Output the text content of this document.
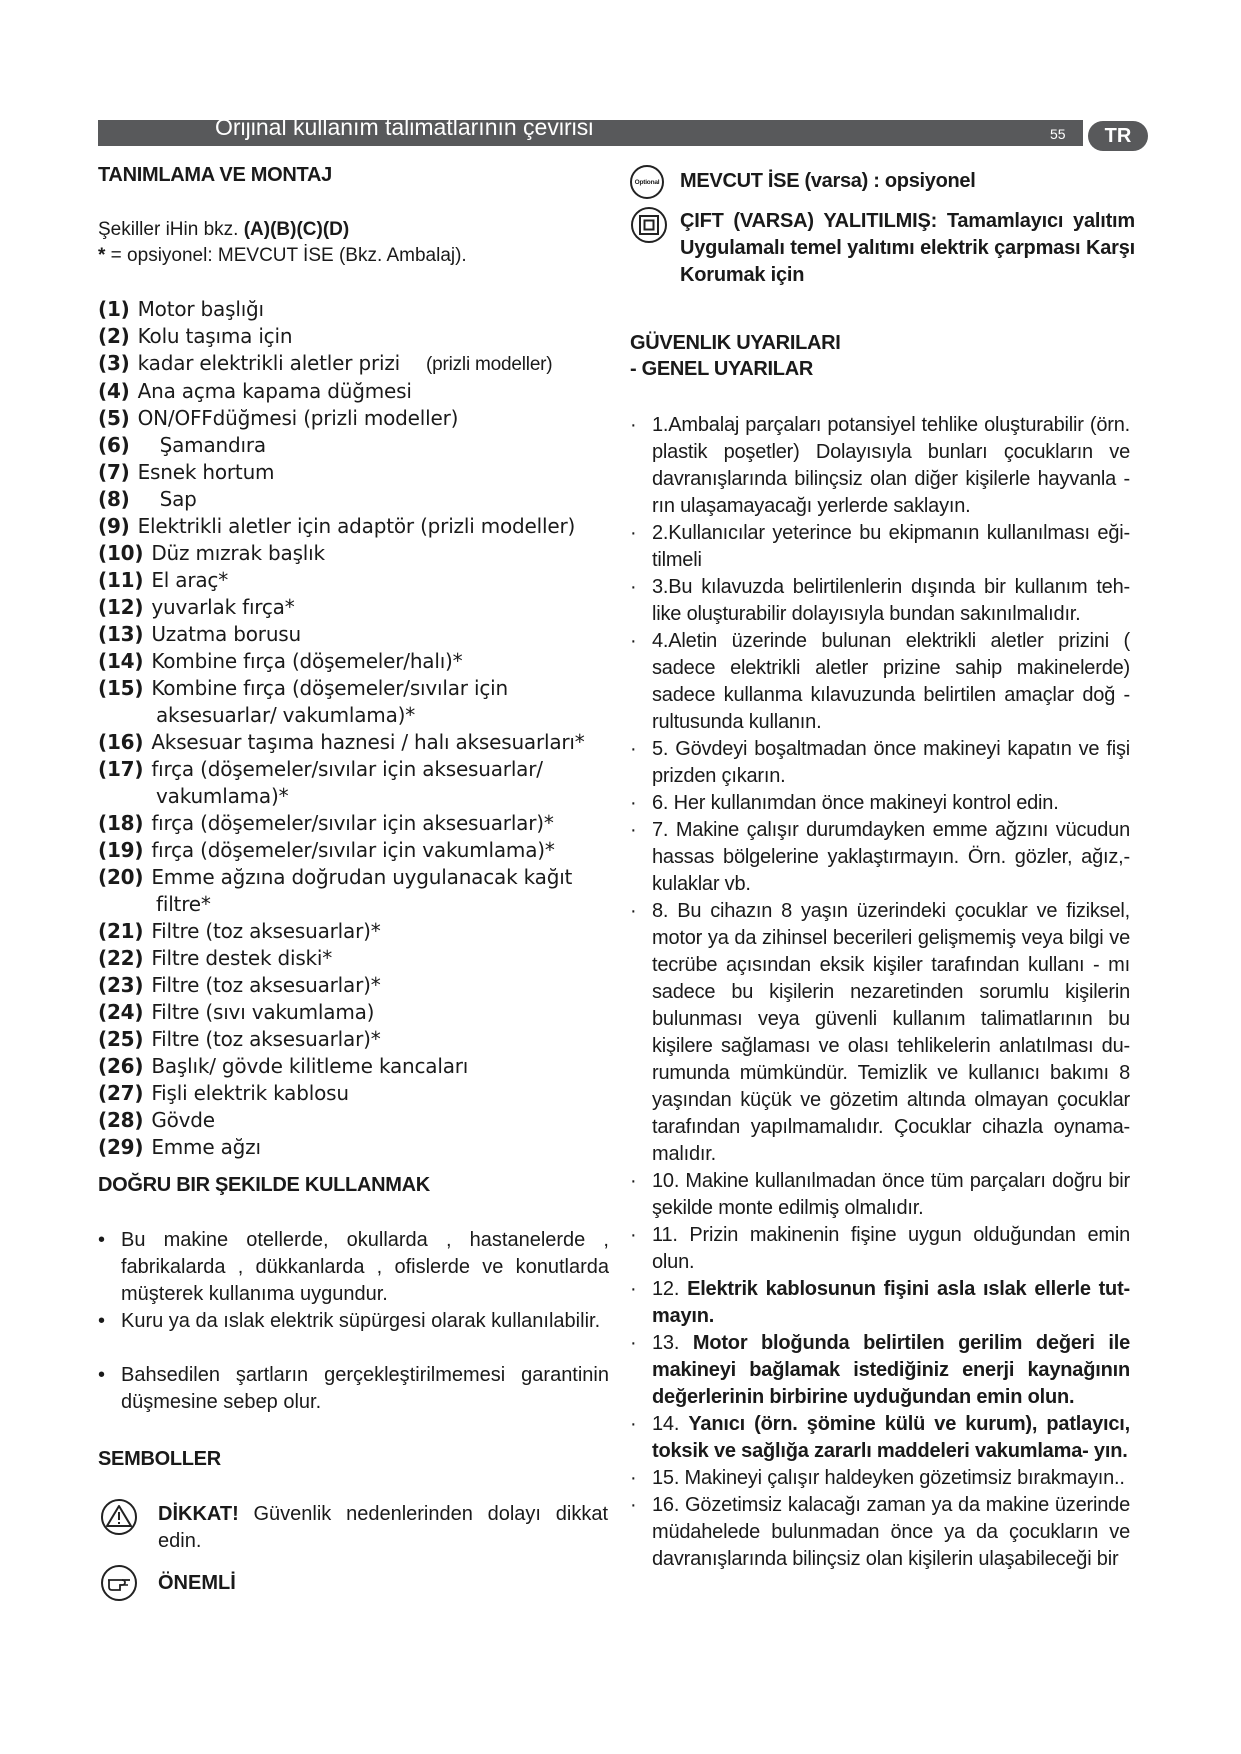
Orijinal kullanım talimatlarının çevirisi	55	TR
TANIMLAMA VE MONTAJ
Şekiller iHin bkz. (A)(B)(C)(D)
* = opsiyonel: MEVCUT İSE (Bkz. Ambalaj).
(1) Motor başlığı
(2) Kolu taşıma için
(3) kadar elektrikli aletler prizi (prizli modeller)
(4) Ana açma kapama düğmesi
(5) ON/OFFdüğmesi (prizli modeller)
(6) Şamandıra
(7) Esnek hortum
(8) Sap
(9) Elektrikli aletler için adaptör (prizli modeller)
(10) Düz mızrak başlık
(11) El araç*
(12) yuvarlak fırça*
(13) Uzatma borusu
(14) Kombine fırça (döşemeler/halı)*
(15) Kombine fırça (döşemeler/sıvılar için
aksesuarlar/ vakumlama)*
(16) Aksesuar taşıma haznesi / halı aksesuarları*
(17) fırça (döşemeler/sıvılar için aksesuarlar/
vakumlama)*
(18) fırça (döşemeler/sıvılar için aksesuarlar)*
(19) fırça (döşemeler/sıvılar için vakumlama)*
(20) Emme ağzına doğrudan uygulanacak kağıt
filtre*
(21) Filtre (toz aksesuarlar)*
(22) Filtre destek diski*
(23) Filtre (toz aksesuarlar)*
(24) Filtre (sıvı vakumlama)
(25) Filtre (toz aksesuarlar)*
(26) Başlık/ gövde kilitleme kancaları
(27) Fişli elektrik kablosu
(28) Gövde
(29) Emme ağzı
DOĞRU BIR ŞEKILDE KULLANMAK
• Bu makine otellerde, okullarda , hastanelerde , fabrikalarda , dükkanlarda , ofislerde ve konutlarda müşterek kullanıma uygundur.
• Kuru ya da ıslak elektrik süpürgesi olarak kullanılabilir.
• Bahsedilen şartların gerçekleştirilmemesi garantinin düşmesine sebep olur.
SEMBOLLER
DİKKAT! Güvenlik nedenlerinden dolayı dikkat edin.
ÖNEMLİ
Optional MEVCUT İSE (varsa) : opsiyonel
ÇIFT (VARSA) YALITILMIŞ: Tamamlayıcı yalıtım Uygulamalı temel yalıtımı elektrik çarpması Karşı Korumak için
GÜVENLIK UYARILARI
- GENEL UYARILAR
· 1.Ambalaj parçaları potansiyel tehlike oluşturabilir (örn. plastik poşetler) Dolayısıyla bunları çocukların ve davranışlarında bilinçsiz olan diğer kişilerle hayvanla - rın ulaşamayacağı yerlerde saklayın.
· 2.Kullanıcılar yeterince bu ekipmanın kullanılması eği- tilmeli
· 3.Bu kılavuzda belirtilenlerin dışında bir kullanım teh- like oluşturabilir dolayısıyla bundan sakınılmalıdır.
· 4.Aletin üzerinde bulunan elektrikli aletler prizini ( sadece elektrikli aletler prizine sahip makinelerde) sadece kullanma kılavuzunda belirtilen amaçlar doğ - rultusunda kullanın.
· 5. Gövdeyi boşaltmadan önce makineyi kapatın ve fişi prizden çıkarın.
· 6. Her kullanımdan önce makineyi kontrol edin.
· 7. Makine çalışır durumdayken emme ağzını vücudun hassas bölgelerine yaklaştırmayın. Örn. gözler, ağız,- kulaklar vb.
· 8. Bu cihazın 8 yaşın üzerindeki çocuklar ve fiziksel, motor ya da zihinsel becerileri gelişmemiş veya bilgi ve tecrübe açısından eksik kişiler tarafından kullanı - mı sadece bu kişilerin nezaretinden sorumlu kişilerin bulunması veya güvenli kullanım talimatlarının bu kişilere sağlaması ve olası tehlikelerin anlatılması du- rumunda mümkündür. Temizlik ve kullanıcı bakımı 8 yaşından küçük ve gözetim altında olmayan çocuklar tarafından yapılmamalıdır. Çocuklar cihazla oynama- malıdır.
· 10. Makine kullanılmadan önce tüm parçaları doğru bir şekilde monte edilmiş olmalıdır.
· 11. Prizin makinenin fişine uygun olduğundan emin olun.
· 12. Elektrik kablosunun fişini asla ıslak ellerle tut- mayın.
· 13. Motor bloğunda belirtilen gerilim değeri ile makineyi bağlamak istediğiniz enerji kaynağının değerlerinin birbirine uyduğundan emin olun.
· 14. Yanıcı (örn. şömine külü ve kurum), patlayıcı, toksik ve sağlığa zararlı maddeleri vakumlama- yın.
· 15. Makineyi çalışır haldeyken gözetimsiz bırakmayın..
· 16. Gözetimsiz kalacağı zaman ya da makine üzerinde müdahelede bulunmadan önce ya da çocukların ve davranışlarında bilinçsiz olan kişilerin ulaşabileceği bir
